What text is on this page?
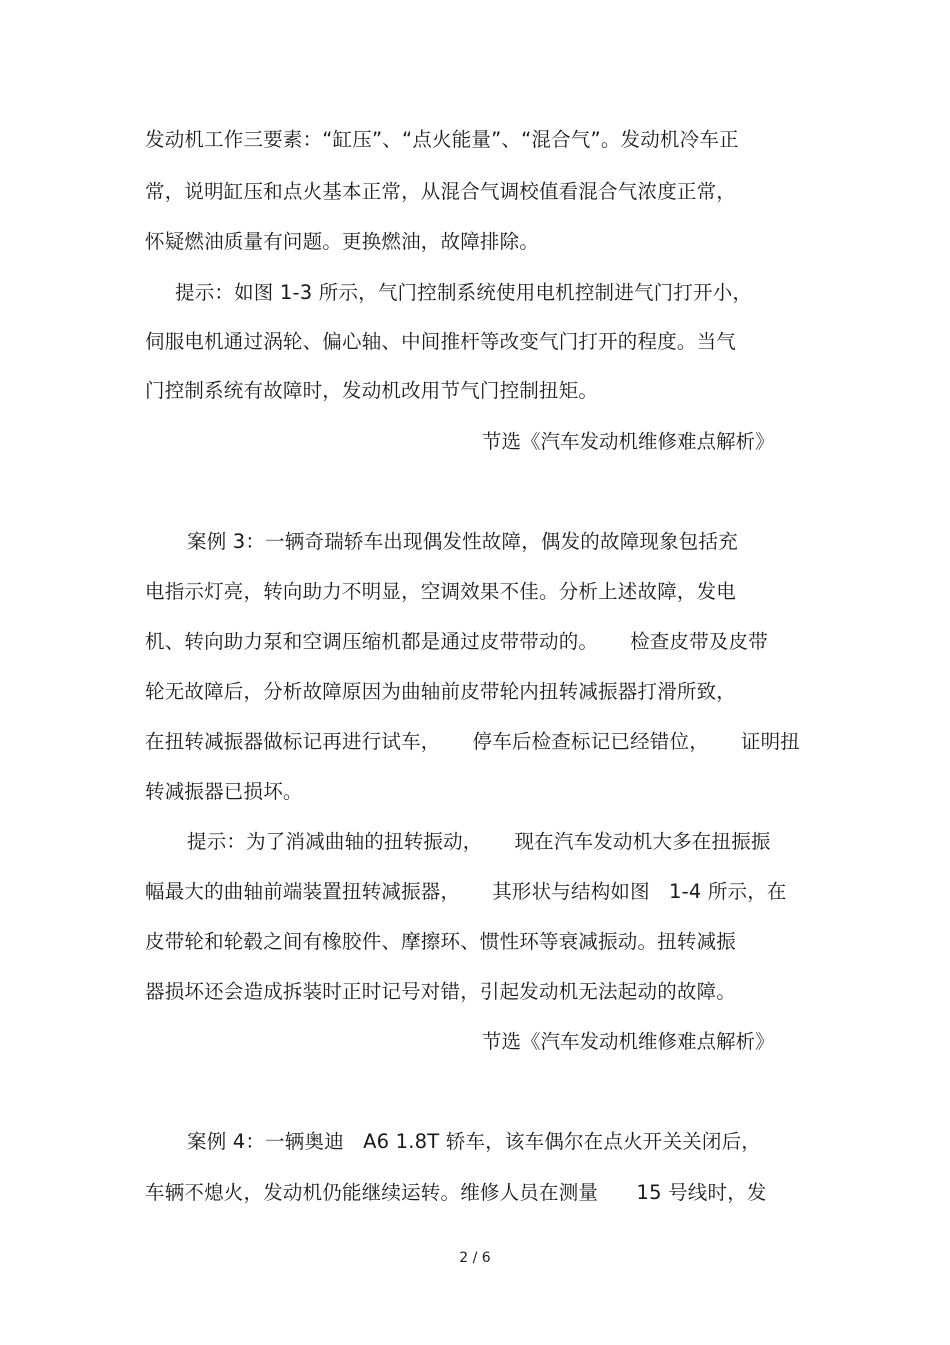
发动机工作三要素：“缸压”、“点火能量”、“混合气”。发动机冷车正
常，说明缸压和点火基本正常，从混合气调校值看混合气浓度正常，
怀疑燃油质量有问题。更换燃油，故障排除。
提示：如图 1-3 所示，气门控制系统使用电机控制进气门打开小，
伺服电机通过涡轮、偏心轴、中间推杆等改变气门打开的程度。当气
门控制系统有故障时，发动机改用节气门控制扭矩。
节选《汽车发动机维修难点解析》
案例 3：一辆奇瑞轿车出现偶发性故障，偶发的故障现象包括充
电指示灯亮，转向助力不明显，空调效果不佳。分析上述故障，发电
机、转向助力泵和空调压缩机都是通过皮带带动的。     检查皮带及皮带
轮无故障后，分析故障原因为曲轴前皮带轮内扭转减振器打滑所致，
在扭转减振器做标记再进行试车，     停车后检查标记已经错位，     证明扭
转减振器已损坏。
提示：为了消减曲轴的扭转振动，     现在汽车发动机大多在扭振振
幅最大的曲轴前端装置扭转减振器，     其形状与结构如图   1-4 所示，在
皮带轮和轮毂之间有橡胶件、摩擦环、惯性环等衰减振动。扭转减振
器损坏还会造成拆装时正时记号对错，引起发动机无法起动的故障。
节选《汽车发动机维修难点解析》
案例 4：一辆奥迪   A6 1.8T 轿车，该车偶尔在点火开关关闭后，
车辆不熄火，发动机仍能继续运转。维修人员在测量      15 号线时，发
2 / 6
